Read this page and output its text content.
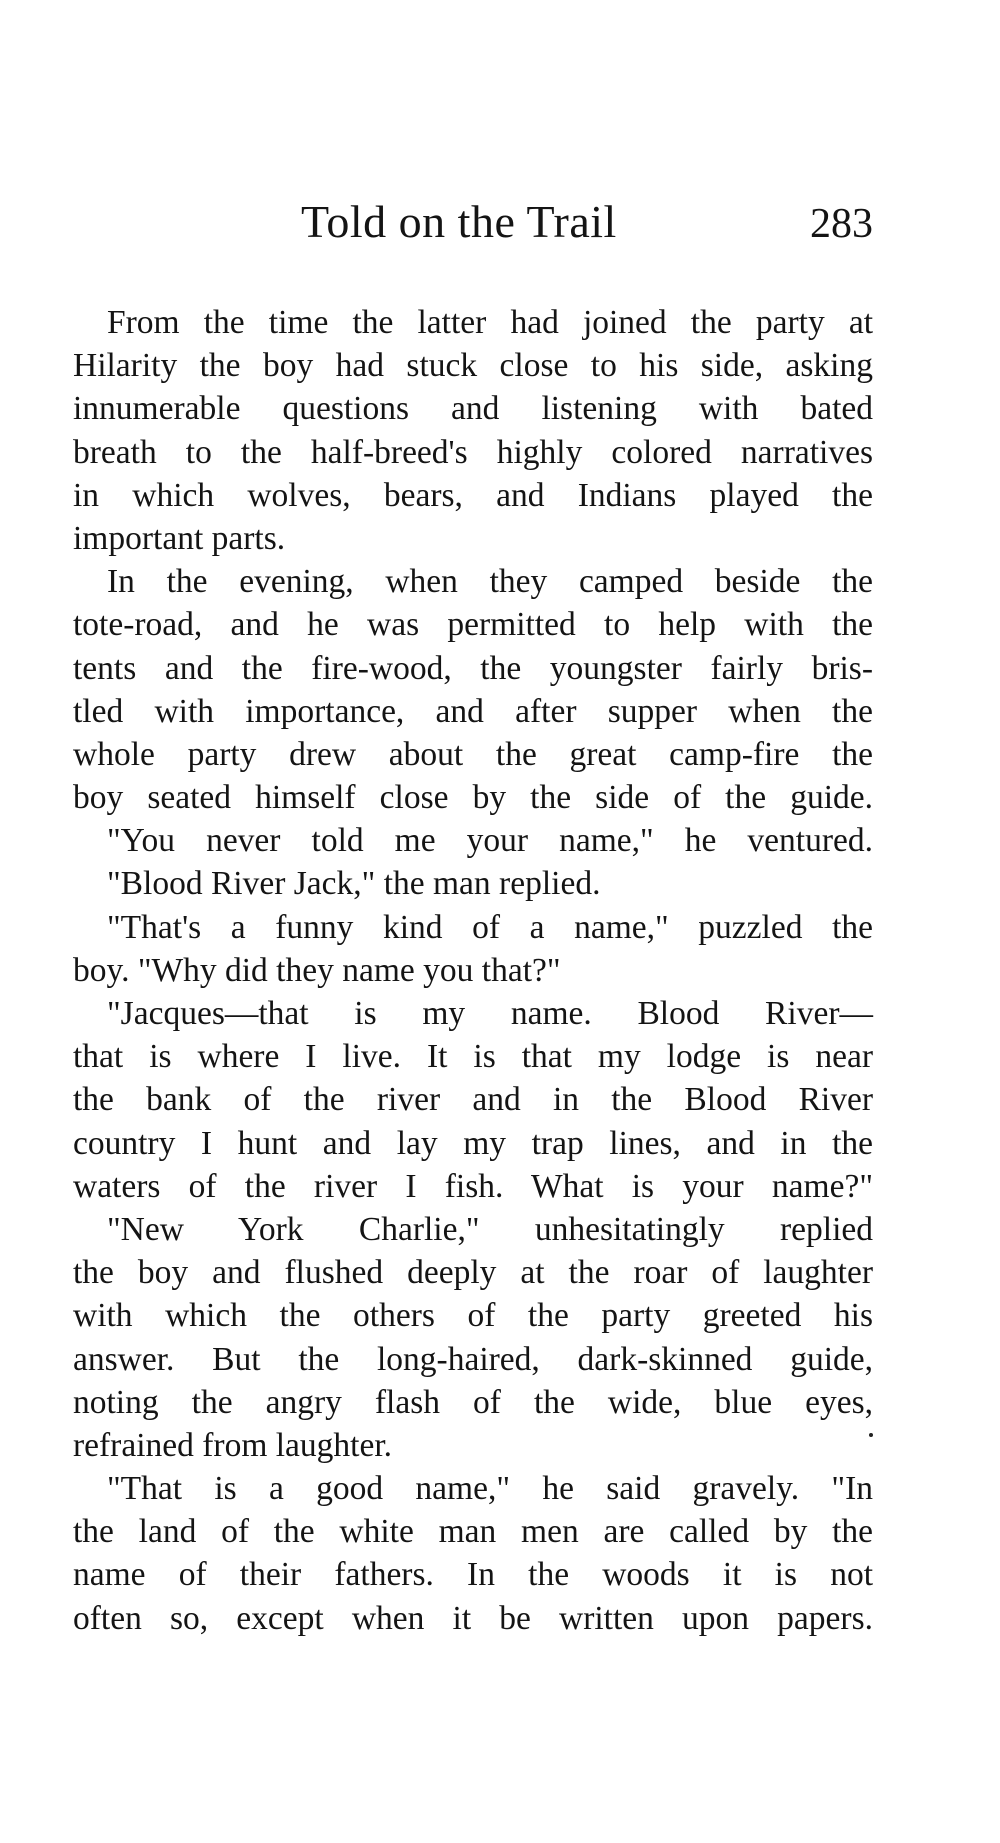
Told on the Trail	283
From the time the latter had joined the party at
Hilarity the boy had stuck close to his side, asking
innumerable questions and listening with bated
breath to the half-breed's highly colored narratives
in which wolves, bears, and Indians played the
important parts.
In the evening, when they camped beside the
tote-road, and he was permitted to help with the
tents and the fire-wood, the youngster fairly bris-
tled with importance, and after supper when the
whole party drew about the great camp-fire the
boy seated himself close by the side of the guide.
"You never told me your name," he ventured.
"Blood River Jack," the man replied.
"That's a funny kind of a name," puzzled the
boy. "Why did they name you that?"
"Jacques—that is my name. Blood River—
that is where I live. It is that my lodge is near
the bank of the river and in the Blood River
country I hunt and lay my trap lines, and in the
waters of the river I fish. What is your name?"
"New York Charlie," unhesitatingly replied
the boy and flushed deeply at the roar of laughter
with which the others of the party greeted his
answer. But the long-haired, dark-skinned guide,
noting the angry flash of the wide, blue eyes,
refrained from laughter.
"That is a good name," he said gravely. "In
the land of the white man men are called by the
name of their fathers. In the woods it is not
often so, except when it be written upon papers.
